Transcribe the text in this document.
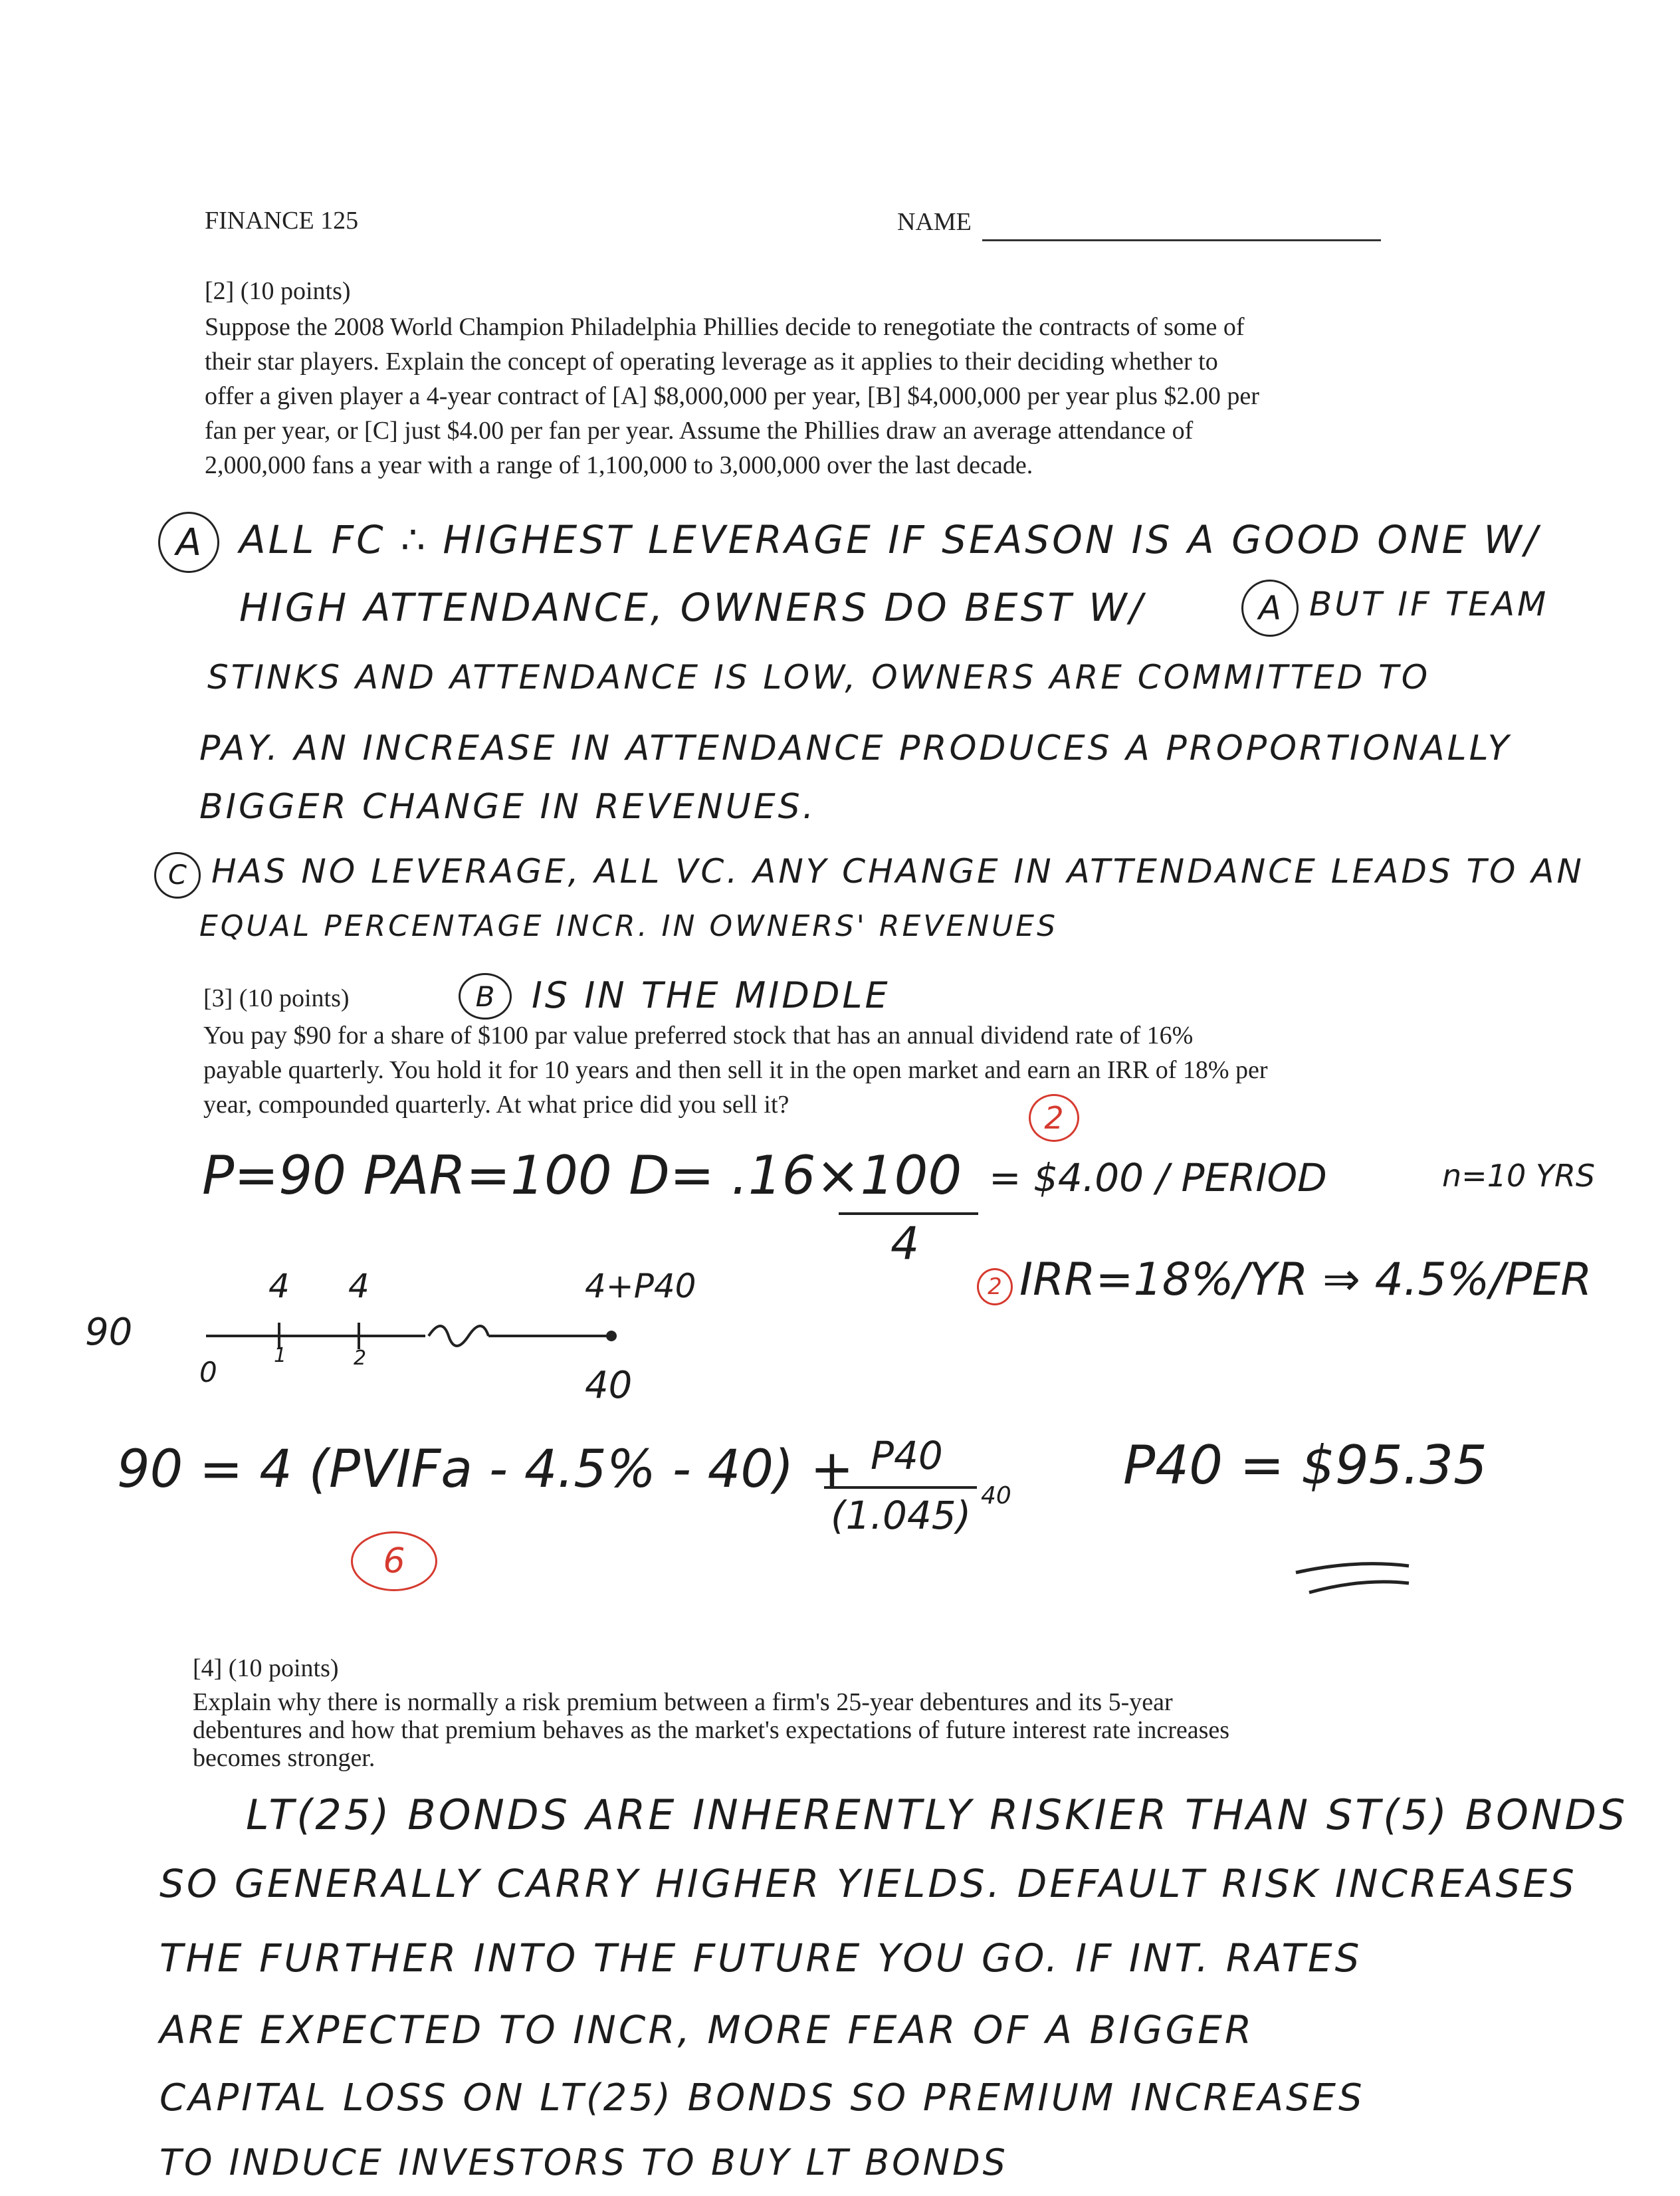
FINANCE 125	NAME
[2] (10 points)
Suppose the 2008 World Champion Philadelphia Phillies decide to renegotiate the contracts of some of
their star players. Explain the concept of operating leverage as it applies to their deciding whether to
offer a given player a 4-year contract of [A] $8,000,000 per year, [B] $4,000,000 per year plus $2.00 per
fan per year, or [C] just $4.00 per fan per year. Assume the Phillies draw an average attendance of
2,000,000 fans a year with a range of 1,100,000 to 3,000,000 over the last decade.
A ALL FC ∴ HIGHEST LEVERAGE IF SEASON IS A GOOD ONE W/
HIGH ATTENDANCE, OWNERS DO BEST W/	A BUT IF TEAM
STINKS AND ATTENDANCE IS LOW, OWNERS ARE COMMITTED TO
PAY. AN INCREASE IN ATTENDANCE PRODUCES A PROPORTIONALLY
BIGGER CHANGE IN REVENUES.
C HAS NO LEVERAGE, ALL VC. ANY CHANGE IN ATTENDANCE LEADS TO AN
EQUAL PERCENTAGE INCR. IN OWNERS' REVENUES
[3] (10 points)	B IS IN THE MIDDLE
You pay $90 for a share of $100 par value preferred stock that has an annual dividend rate of 16%
payable quarterly. You hold it for 10 years and then sell it in the open market and earn an IRR of 18% per
year, compounded quarterly. At what price did you sell it?	2
P=90 PAR=100 D= .16×100
4
= $4.00 / PERIOD	n=10 YRS
2 IRR=18%/YR ⇒ 4.5%/PER
90
4 4	4+P40
0
1	2
40
90 = 4 (PVIFa - 4.5% - 40) + P40
(1.045) 40 P40 = $95.35
6
[4] (10 points)
Explain why there is normally a risk premium between a firm's 25-year debentures and its 5-year
debentures and how that premium behaves as the market's expectations of future interest rate increases
becomes stronger.
LT(25) BONDS ARE INHERENTLY RISKIER THAN ST(5) BONDS
SO GENERALLY CARRY HIGHER YIELDS. DEFAULT RISK INCREASES
THE FURTHER INTO THE FUTURE YOU GO. IF INT. RATES
ARE EXPECTED TO INCR, MORE FEAR OF A BIGGER
CAPITAL LOSS ON LT(25) BONDS SO PREMIUM INCREASES
TO INDUCE INVESTORS TO BUY LT BONDS
